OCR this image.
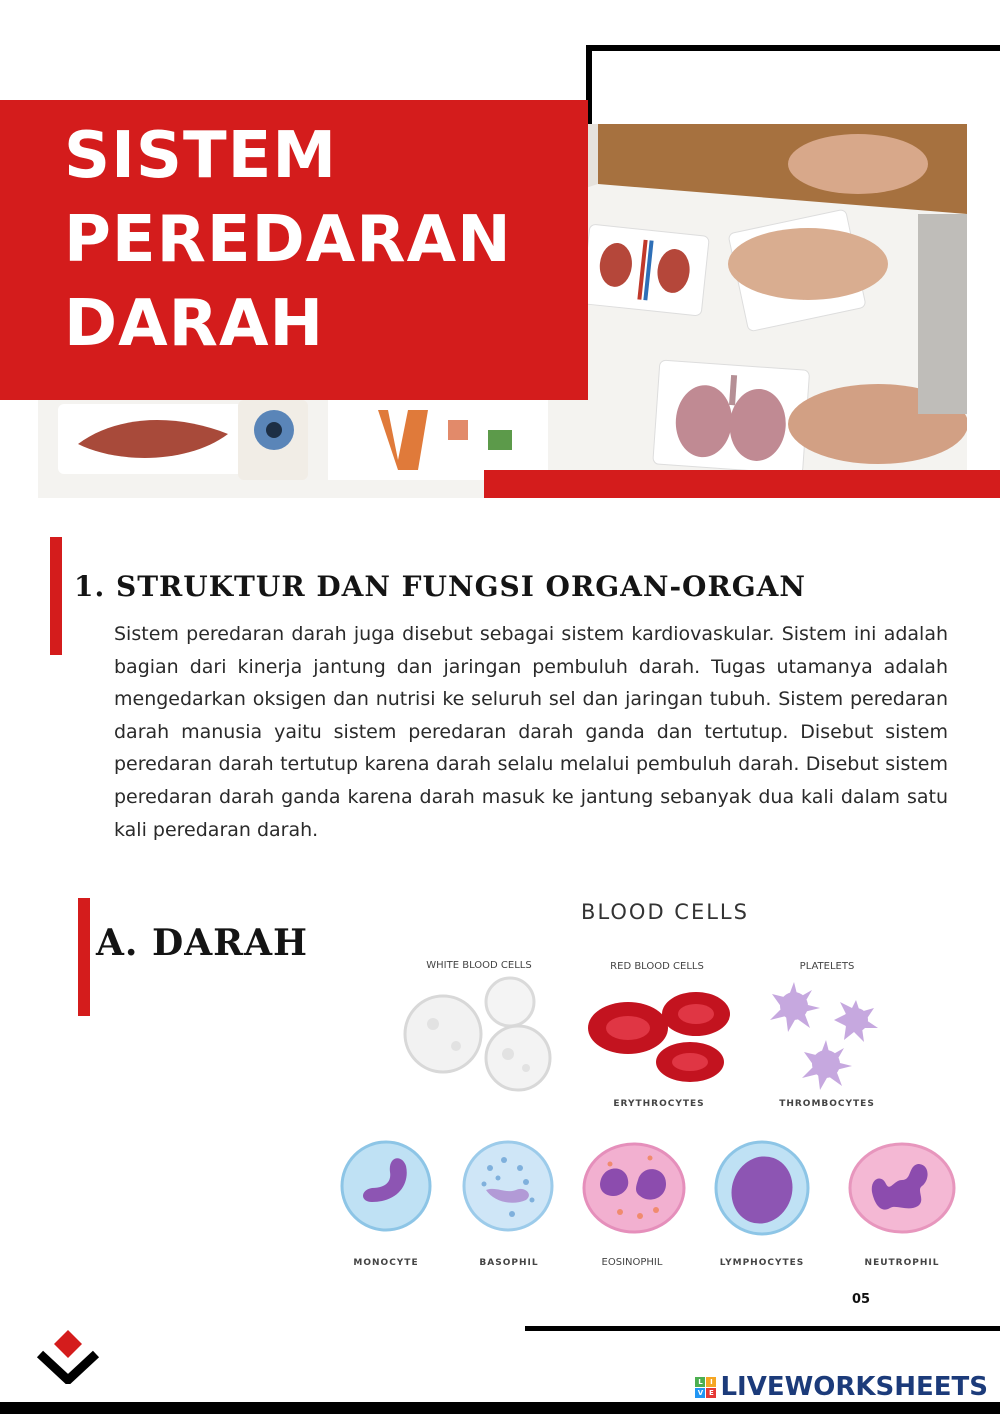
SISTEM
PEREDARAN
DARAH
1. STRUKTUR DAN FUNGSI ORGAN-ORGAN

Sistem peredaran darah juga disebut sebagai sistem kardiovaskular. Sistem ini adalah bagian dari kinerja jantung dan jaringan pembuluh darah. Tugas utamanya adalah mengedarkan oksigen dan nutrisi ke seluruh sel dan jaringan tubuh. Sistem peredaran darah manusia yaitu sistem peredaran darah ganda dan tertutup. Disebut sistem peredaran darah tertutup karena darah selalu melalui pembuluh darah. Disebut sistem peredaran darah ganda karena darah masuk ke jantung sebanyak dua kali dalam satu kali peredaran darah.

A. DARAH
BLOOD CELLS
WHITE BLOOD CELLS	RED BLOOD CELLS	PLATELETS
ERYTHROCYTES	THROMBOCYTES
MONOCYTE	BASOPHIL	EOSINOPHIL	LYMPHOCYTES	NEUTROPHIL
05
L	I
V E LIVEWORKSHEETS
